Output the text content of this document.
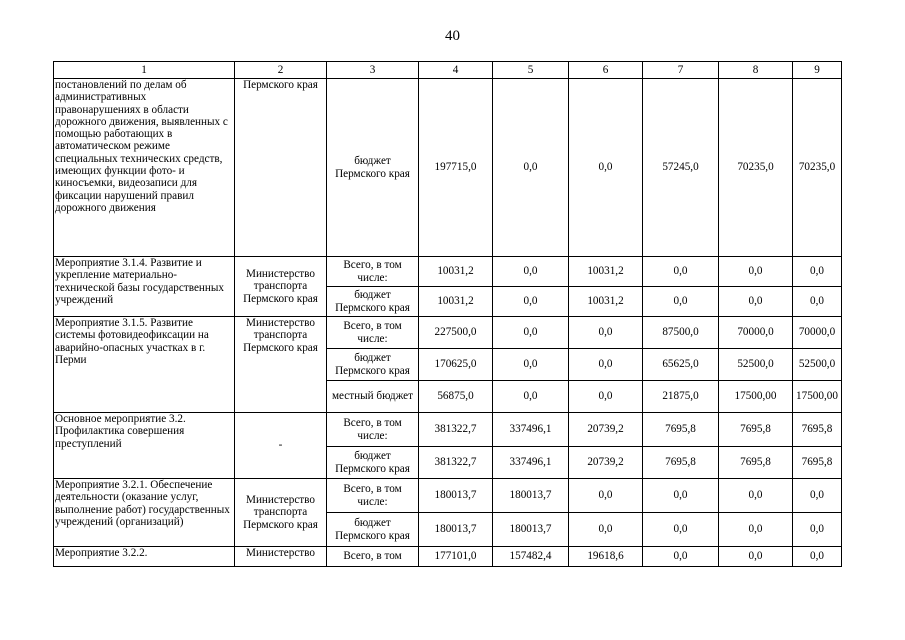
40
1	2	3	4	5	6	7	8	9
постановлений по делам об административных правонарушениях в области дорожного движения, выявленных с помощью работающих в автоматическом режиме специальных технических средств, имеющих функции фото- и киносъемки, видеозаписи для фиксации нарушений правил дорожного движения	Пермского края	бюджет Пермского края	197715,0	0,0	0,0	57245,0	70235,0	70235,0
Мероприятие 3.1.4. Развитие и укрепление материально-технической базы государственных учреждений	Министерство транспорта Пермского края	Всего, в том числе:	10031,2	0,0	10031,2	0,0	0,0	0,0
		бюджет Пермского края	10031,2	0,0	10031,2	0,0	0,0	0,0
Мероприятие 3.1.5. Развитие системы фотовидеофиксации на аварийно-опасных участках в г. Перми	Министерство транспорта Пермского края	Всего, в том числе:	227500,0	0,0	0,0	87500,0	70000,0	70000,0
		бюджет Пермского края	170625,0	0,0	0,0	65625,0	52500,0	52500,0
		местный бюджет	56875,0	0,0	0,0	21875,0	17500,00	17500,00
Основное мероприятие 3.2. Профилактика совершения преступлений	-	Всего, в том числе:	381322,7	337496,1	20739,2	7695,8	7695,8	7695,8
		бюджет Пермского края	381322,7	337496,1	20739,2	7695,8	7695,8	7695,8
Мероприятие 3.2.1. Обеспечение деятельности (оказание услуг, выполнение работ) государственных учреждений (организаций)	Министерство транспорта Пермского края	Всего, в том числе:	180013,7	180013,7	0,0	0,0	0,0	0,0
		бюджет Пермского края	180013,7	180013,7	0,0	0,0	0,0	0,0
Мероприятие 3.2.2.	Министерство	Всего, в том	177101,0	157482,4	19618,6	0,0	0,0	0,0
